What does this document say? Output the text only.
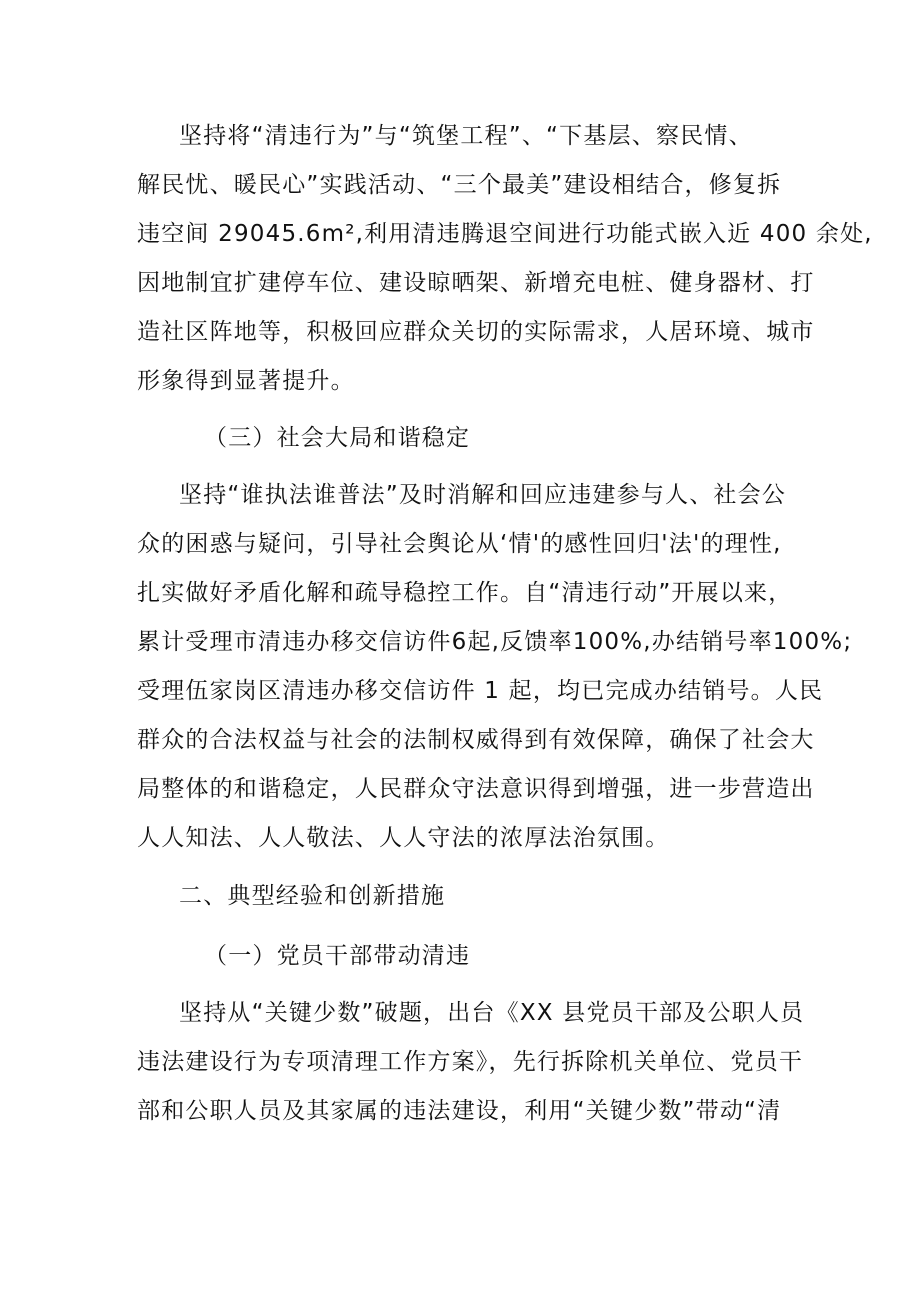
坚持将“清违行为”与“筑堡工程”、“下基层、察民情、
解民忧、暖民心”实践活动、“三个最美”建设相结合，修复拆
违空间 29045.6m²,利用清违腾退空间进行功能式嵌入近 400 余处,
因地制宜扩建停车位、建设晾晒架、新增充电桩、健身器材、打
造社区阵地等，积极回应群众关切的实际需求，人居环境、城市
形象得到显著提升。
（三）社会大局和谐稳定
坚持“谁执法谁普法”及时消解和回应违建参与人、社会公
众的困惑与疑问，引导社会舆论从‘情'的感性回归'法'的理性,
扎实做好矛盾化解和疏导稳控工作。自“清违行动”开展以来，
累计受理市清违办移交信访件6起,反馈率100%,办结销号率100%;
受理伍家岗区清违办移交信访件 1 起，均已完成办结销号。人民
群众的合法权益与社会的法制权威得到有效保障，确保了社会大
局整体的和谐稳定，人民群众守法意识得到增强，进一步营造出
人人知法、人人敬法、人人守法的浓厚法治氛围。
二、典型经验和创新措施
（一）党员干部带动清违
坚持从“关键少数”破题，出台《XX 县党员干部及公职人员
违法建设行为专项清理工作方案》，先行拆除机关单位、党员干
部和公职人员及其家属的违法建设，利用“关键少数”带动“清
